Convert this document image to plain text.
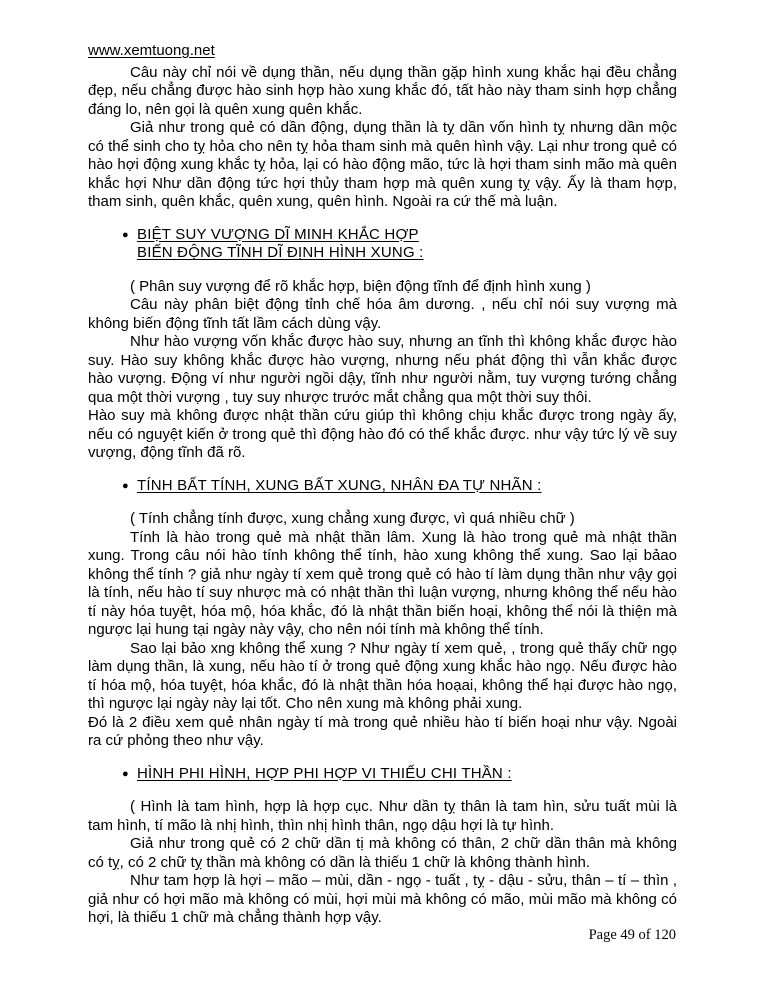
www.xemtuong.net

Câu này chỉ nói về dụng thần, nếu dụng thần gặp hình xung khắc hại đều chẳng đẹp, nếu chẳng được hào sinh hợp hào xung khắc đó, tất hào này tham sinh hợp chẳng đáng lo, nên gọi là quên xung quên khắc.

Giả như trong quẻ có dần động, dụng thần là tỵ dần vốn hình tỵ nhưng dần mộc có thể sinh cho tỵ hỏa cho nên tỵ hỏa tham sinh mà quên hình vậy. Lại như trong quẻ có hào hợi động xung khắc tỵ hỏa, lại có hào động mão, tức là hợi tham sinh mão mà quên khắc hợi Như dần động tức hợi thủy tham hợp mà quên xung tỵ vậy. Ấy là tham hợp, tham sinh, quên khắc, quên xung, quên hình. Ngoài ra cứ thế mà luận.

● BIỆT SUY VƯỢNG DĨ MINH KHẮC HỢP
BIẾN ĐỘNG TĨNH DĨ ĐỊNH HÌNH XUNG :

( Phân suy vượng để rõ khắc hợp, biện động tĩnh để định hình xung )

Câu này phân biệt động tỉnh chế hóa âm dương. , nếu chỉ nói suy vượng mà không biến động tĩnh tất lầm cách dùng vậy.

Như hào vượng vốn khắc được hào suy, nhưng an tĩnh thì không khắc được hào suy. Hào suy không khắc được hào vượng, nhưng nếu phát động thì vẫn khắc được hào vượng. Động ví như người ngồi dậy, tĩnh như người nằm, tuy vượng tướng chẳng qua một thời vượng , tuy suy nhược trước mắt chẳng qua một thời suy thôi.

Hào suy mà không được nhật thần cứu giúp thì không chịu khắc được trong ngày ấy, nếu có nguyệt kiến ở trong quẻ thì động hào đó có thể khắc được. như vậy tức lý về suy vượng, động tĩnh đã rõ.

● TÍNH BẤT TÍNH, XUNG BẤT XUNG, NHÂN ĐA TỰ NHÃN :

( Tính chẳng tính được, xung chẳng xung được, vì quá nhiều chữ )

Tính là hào trong quẻ mà nhật thần lâm. Xung là hào trong quẻ mà nhật thần xung. Trong câu nói hào tính không thể tính, hào xung không thể xung. Sao lại bảao không thể tính ? giả như ngày tí xem quẻ trong quẻ có hào tí làm dụng thần như vậy gọi là tính, nếu hào tí suy nhược mà có nhật thần thì luận vượng, nhưng không thể nếu hào tí này hóa tuyệt, hóa mộ, hóa khắc, đó là nhật thần biến hoại, không thể nói là thiện mà ngược lại hung tại ngày này vậy, cho nên nói tính mà không thể tính.

Sao lại bảo xng không thể xung ? Như ngày tí xem quẻ, , trong quẻ thấy chữ ngọ làm dụng thần, là xung, nếu hào tí ở trong quẻ động xung khắc hào ngọ. Nếu được hào tí hóa mộ, hóa tuyệt, hóa khắc, đó là nhật thần hóa hoạai, không thể hại được hào ngọ, thì ngược lại ngày này lại tốt. Cho nên xung mà không phải xung.

Đó là 2 điều xem quẻ nhân ngày tí mà trong quẻ nhiều hào tí biến hoại như vậy. Ngoài ra cứ phỏng theo như vậy.

● HÌNH PHI HÌNH, HỢP PHI HỢP VI THIẾU CHI THẦN :

( Hình là tam hình, hợp là hợp cục. Như dần tỵ thân là tam hìn, sửu tuất mùi là tam hình, tí mão là nhị hình, thìn nhị hình thân, ngọ dậu hợi là tự hình.

Giả như trong quẻ có 2 chữ dần tị mà không có thân, 2 chữ dần thân mà không có tỵ, có 2 chữ tỵ thần mà không có dần là thiếu 1 chữ là không thành hình.

Như tam hợp là hợi – mão – mùi, dần - ngọ - tuất , tỵ - dậu - sửu, thân – tí – thìn , giả như có hợi mão mà không có mùi, hợi mùi mà không có mão, mùi mão mà không có hợi, là thiếu 1 chữ mà chẳng thành hợp vậy.

Page 49 of 120
